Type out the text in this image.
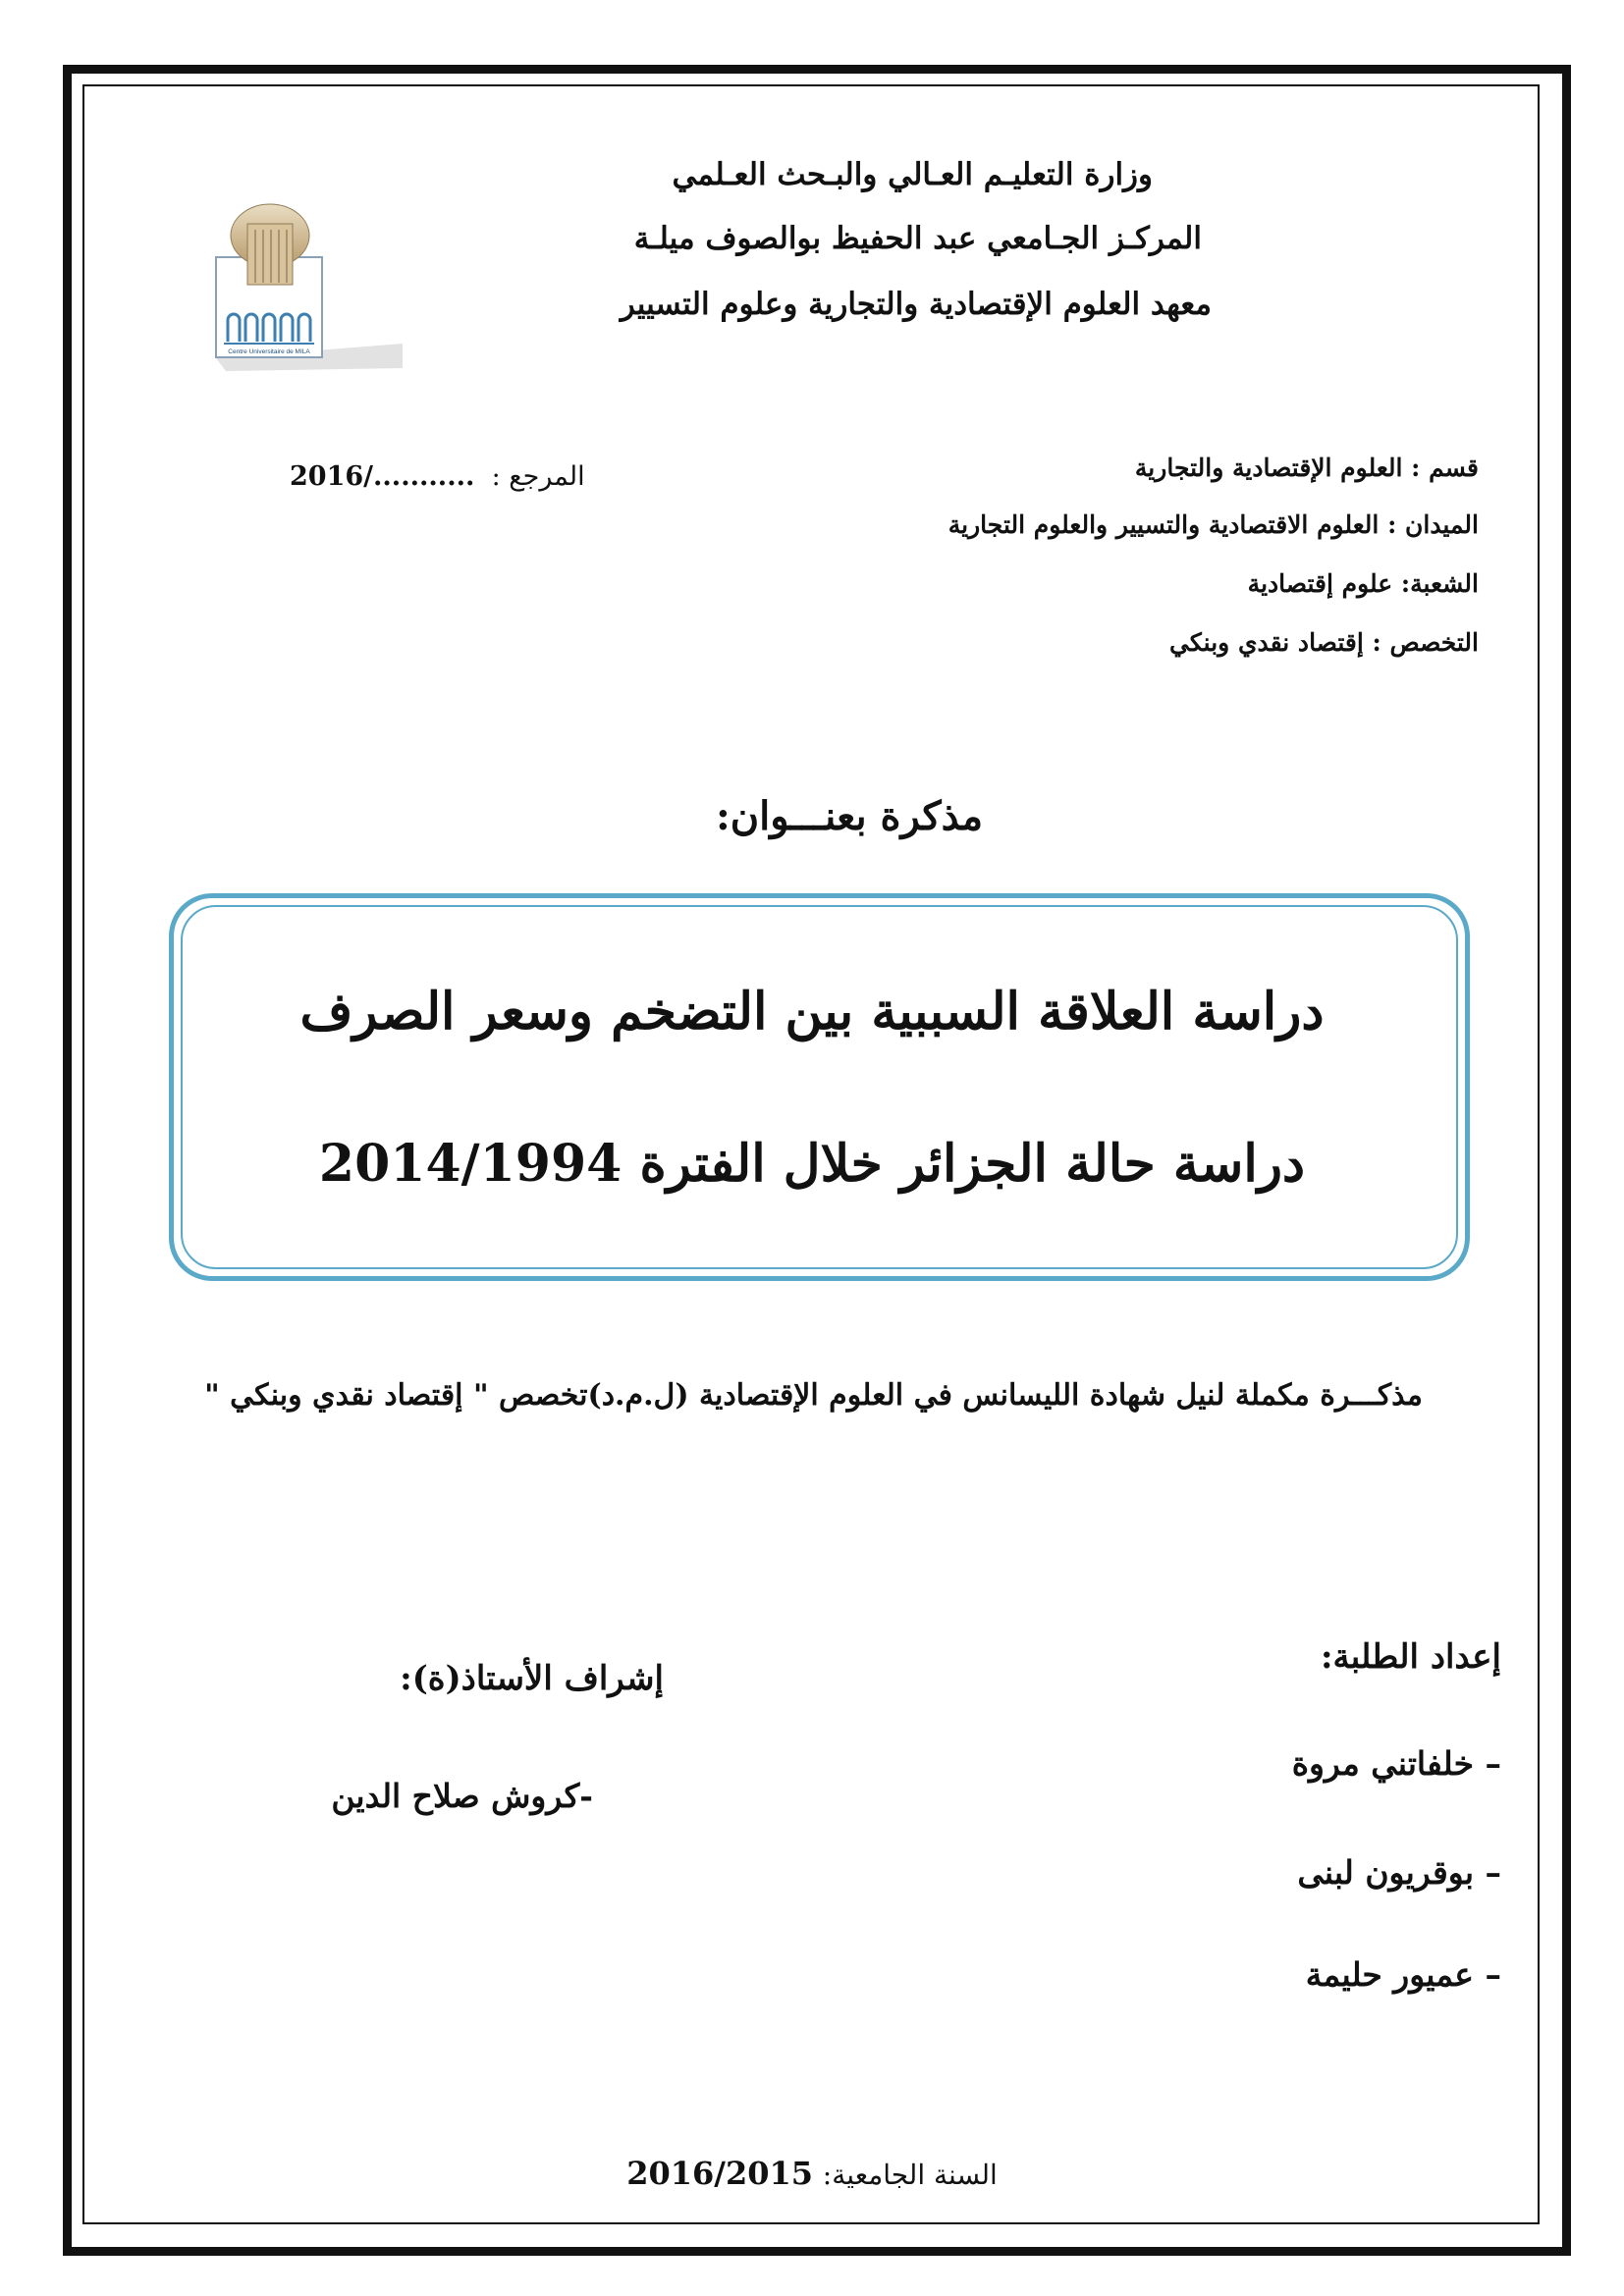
وزارة التعليـم العـالي والبـحث العـلمي
المركـز الجـامعي عبد الحفيظ بوالصوف ميلـة
معهد العلوم الإقتصادية والتجارية وعلوم التسيير
Centre Universitaire de MILA
المرجع :  2016/...........	قسم : العلوم الإقتصادية والتجارية
الميدان : العلوم الاقتصادية والتسيير والعلوم التجارية
الشعبة: علوم إقتصادية
التخصص : إقتصاد نقدي وبنكي
مذكرة بعنـــوان:
دراسة العلاقة السببية بين التضخم وسعر الصرف
دراسة حالة الجزائر خلال الفترة 2014/1994
مذكـــرة مكملة لنيل شهادة الليسانس في العلوم الإقتصادية (ل.م.د)تخصص " إقتصاد نقدي وبنكي "
إعداد الطلبة:
إشراف الأستاذ(ة):
– خلفاتني مروة
– بوقريون لبنى
– عميور حليمة
-كروش صلاح الدين
السنة الجامعية: 2016/2015
